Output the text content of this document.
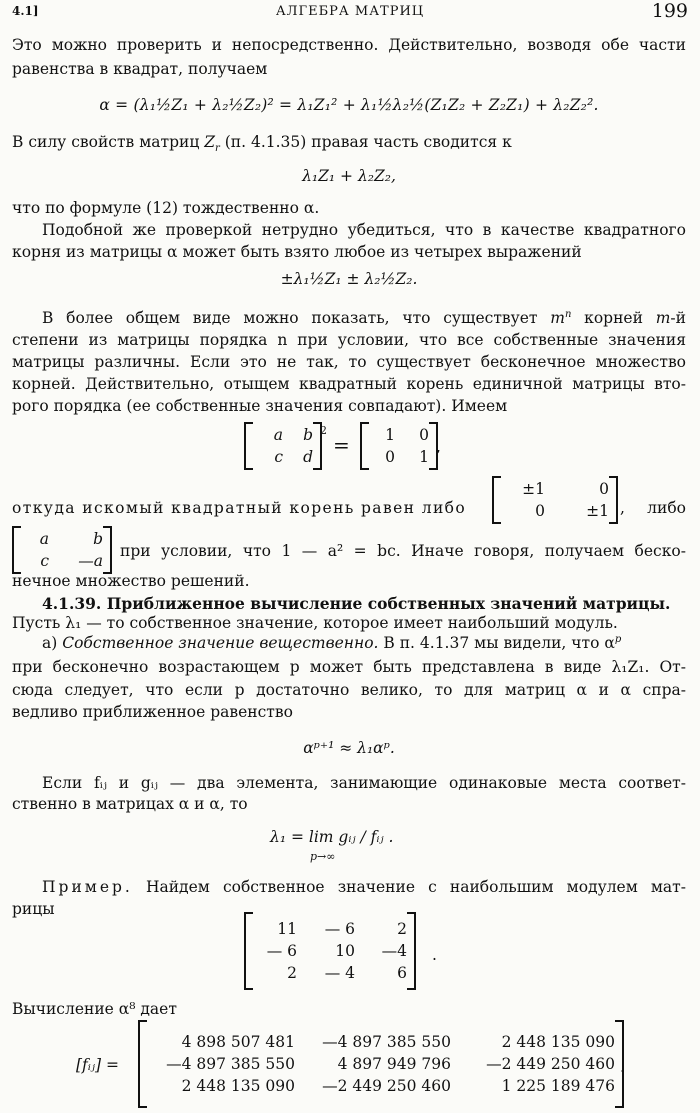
4.1]	АЛГЕБРА МАТРИЦ	199
Это можно проверить и непосредственно. Действительно, возводя обе части
равенства в квадрат, получаем
α = (λ₁½Z₁ + λ₂½Z₂)² = λ₁Z₁² + λ₁½λ₂½(Z₁Z₂ + Z₂Z₁) + λ₂Z₂².
В силу свойств матриц $Z_r$ (п. 4.1.35) правая часть сводится к
λ₁Z₁ + λ₂Z₂,
что по формуле (12) тождественно α.
Подобной же проверкой нетрудно убедиться, что в качестве квадратного
корня из матрицы α может быть взято любое из четырех выражений
±λ₁½Z₁ ± λ₂½Z₂.
В более общем виде можно показать, что существует $m^n$ корней m-й
степени из матрицы порядка n при условии, что все собственные значения
матрицы различны. Если это не так, то существует бесконечное множество
корней. Действительно, отыщем квадратный корень единичной матрицы вто-
рого порядка (ее собственные значения совпадают). Имеем
a	b
c	d
2
=	1	0
0	1
,
откуда искомый квадратный корень равен либо
±1	0
0	±1 , либо
a	b
c	—a
при условии, что 1 — a² = bc. Иначе говоря, получаем беско-
нечное множество решений.
4.1.39. Приближенное вычисление собственных значений матрицы.
Пусть λ₁ — то собственное значение, которое имеет наибольший модуль.
а) Собственное значение вещественно. В п. 4.1.37 мы видели, что $\alpha^p$
при бесконечно возрастающем p может быть представлена в виде λ₁Z₁. От-
сюда следует, что если p достаточно велико, то для матриц α и α спра-
ведливо приближенное равенство
αᵖ⁺¹ ≈ λ₁αᵖ.
Если fᵢⱼ и gᵢⱼ — два элемента, занимающие одинаковые места соответ-
ственно в матрицах α и α, то
λ₁ = lim gᵢⱼ / fᵢⱼ .
p→∞
Пример. Найдем собственное значение с наибольшим модулем мат-
рицы
11	— 6	2
— 6	10	—4
2	— 4	6
.
Вычисление α⁸ дает
[fᵢⱼ] =
4 898 507 481	—4 897 385 550	2 448 135 090
—4 897 385 550	4 897 949 796	—2 449 250 460
2 448 135 090	—2 449 250 460	1 225 189 476
.
